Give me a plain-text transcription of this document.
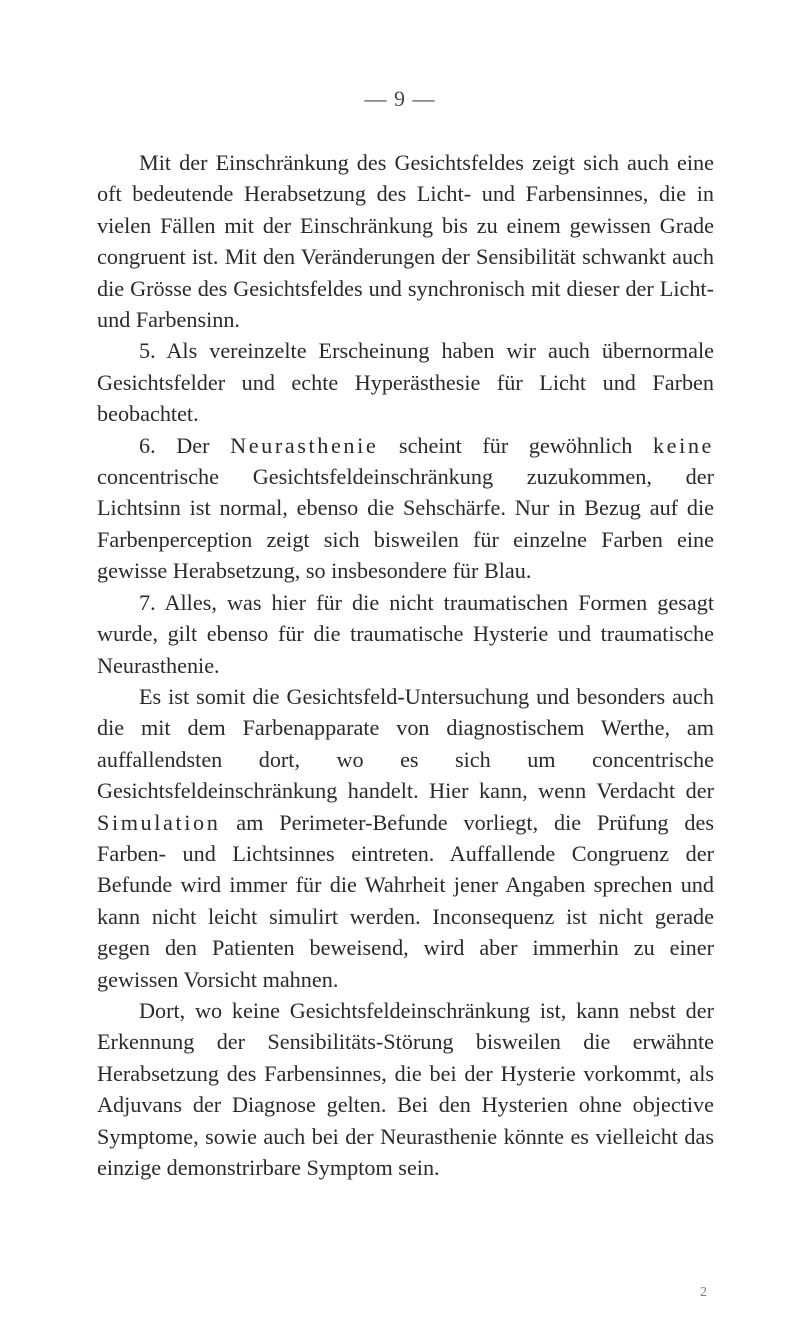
— 9 —

Mit der Einschränkung des Gesichtsfeldes zeigt sich auch eine oft bedeutende Herabsetzung des Licht- und Farbensinnes, die in vielen Fällen mit der Einschränkung bis zu einem gewissen Grade congruent ist. Mit den Veränderungen der Sensibilität schwankt auch die Grösse des Gesichtsfeldes und synchronisch mit dieser der Licht- und Farbensinn.

5. Als vereinzelte Erscheinung haben wir auch übernormale Gesichtsfelder und echte Hyperästhesie für Licht und Farben beobachtet.

6. Der Neurasthenie scheint für gewöhnlich keine concentrische Gesichtsfeldeinschränkung zuzukommen, der Lichtsinn ist normal, ebenso die Sehschärfe. Nur in Bezug auf die Farbenperception zeigt sich bisweilen für einzelne Farben eine gewisse Herabsetzung, so insbesondere für Blau.

7. Alles, was hier für die nicht traumatischen Formen gesagt wurde, gilt ebenso für die traumatische Hysterie und traumatische Neurasthenie.

Es ist somit die Gesichtsfeld-Untersuchung und besonders auch die mit dem Farbenapparate von diagnostischem Werthe, am auffallendsten dort, wo es sich um concentrische Gesichtsfeldeinschränkung handelt. Hier kann, wenn Verdacht der Simulation am Perimeter-Befunde vorliegt, die Prüfung des Farben- und Lichtsinnes eintreten. Auffallende Congruenz der Befunde wird immer für die Wahrheit jener Angaben sprechen und kann nicht leicht simulirt werden. Inconsequenz ist nicht gerade gegen den Patienten beweisend, wird aber immerhin zu einer gewissen Vorsicht mahnen.

Dort, wo keine Gesichtsfeldeinschränkung ist, kann nebst der Erkennung der Sensibilitäts-Störung bisweilen die erwähnte Herabsetzung des Farbensinnes, die bei der Hysterie vorkommt, als Adjuvans der Diagnose gelten. Bei den Hysterien ohne objective Symptome, sowie auch bei der Neurasthenie könnte es vielleicht das einzige demonstrirbare Symptom sein.

2
